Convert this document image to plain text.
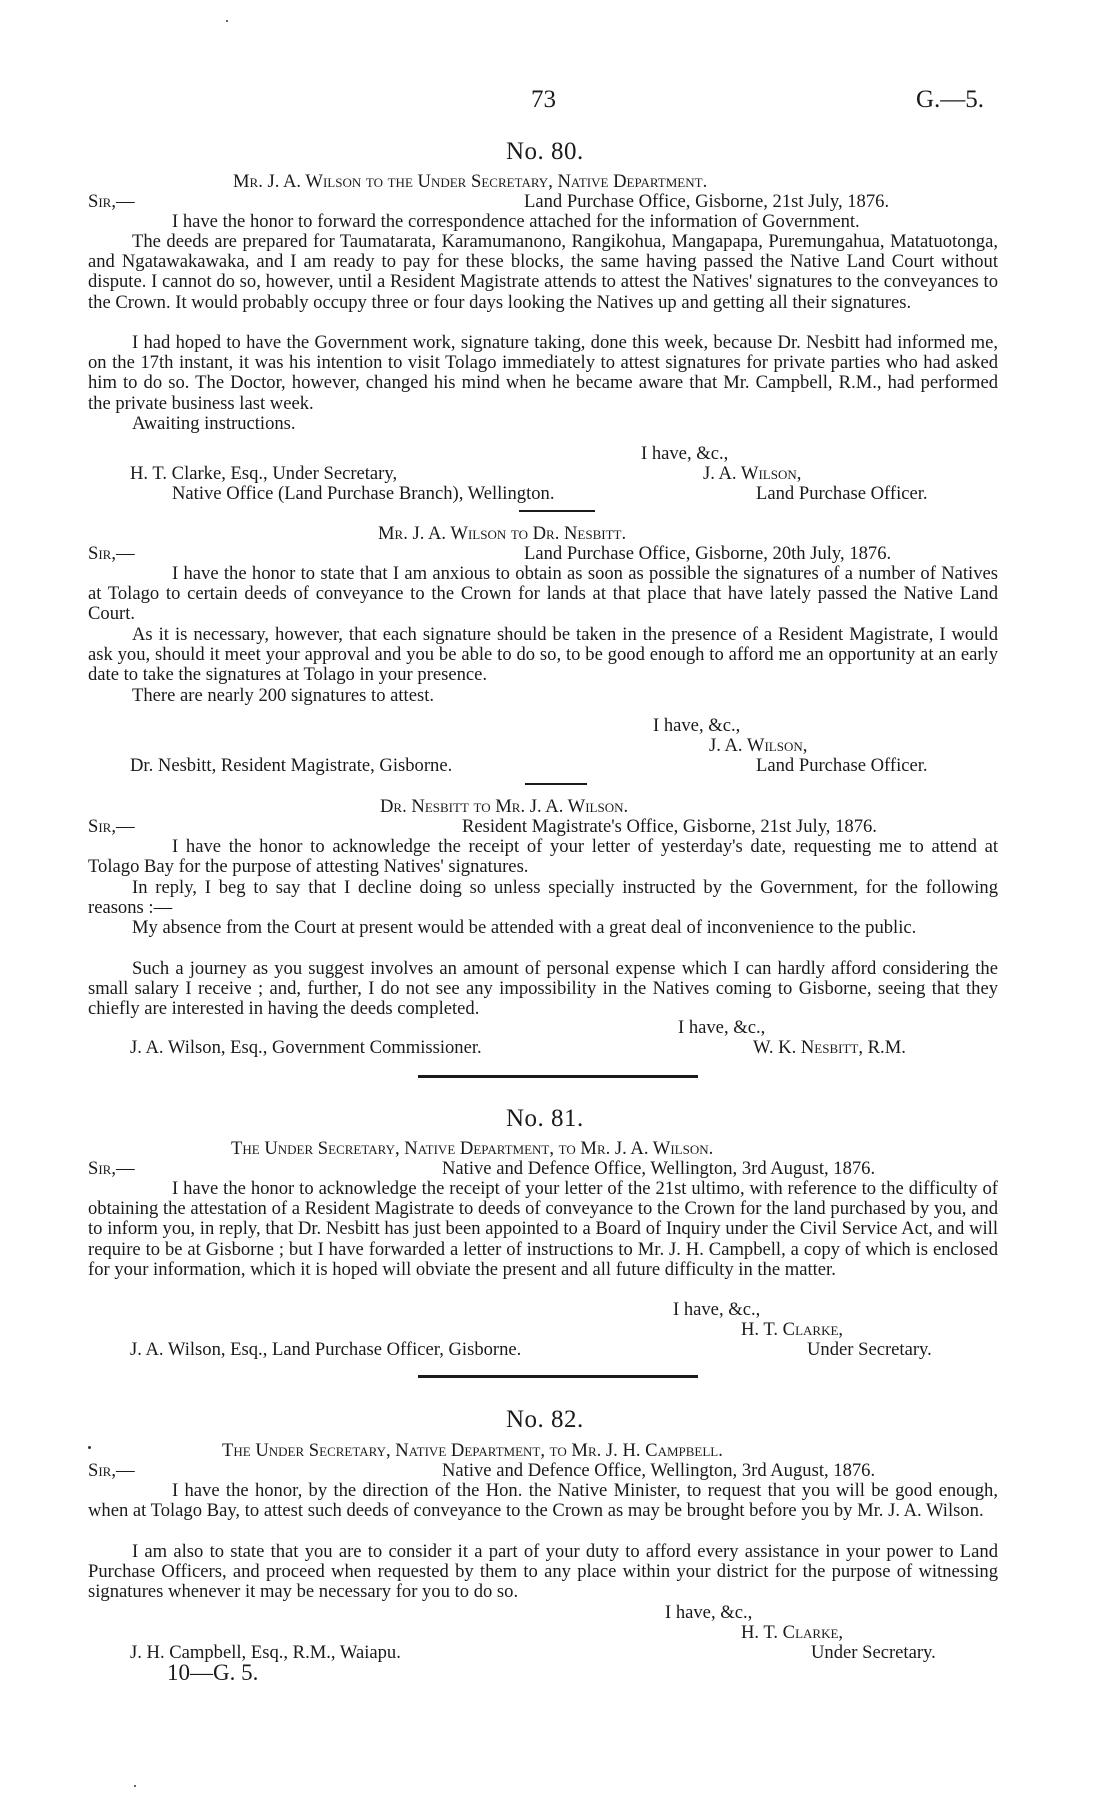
73	G.—5.
No. 80.
Mr. J. A. Wilson to the Under Secretary, Native Department.
Sir,—	Land Purchase Office, Gisborne, 21st July, 1876.

I have the honor to forward the correspondence attached for the information of Government.

The deeds are prepared for Taumatarata, Karamumanono, Rangikohua, Mangapapa, Puremungahua, Matatuotonga, and Ngatawakawaka, and I am ready to pay for these blocks, the same having passed the Native Land Court without dispute. I cannot do so, however, until a Resident Magistrate attends to attest the Natives' signatures to the conveyances to the Crown. It would probably occupy three or four days looking the Natives up and getting all their signatures.

I had hoped to have the Government work, signature taking, done this week, because Dr. Nesbitt had informed me, on the 17th instant, it was his intention to visit Tolago immediately to attest signatures for private parties who had asked him to do so. The Doctor, however, changed his mind when he became aware that Mr. Campbell, R.M., had performed the private business last week.

Awaiting instructions.

I have, &c.,
J. A. Wilson,
H. T. Clarke, Esq., Under Secretary,
Native Office (Land Purchase Branch), Wellington.	Land Purchase Officer.
Mr. J. A. Wilson to Dr. Nesbitt.
Sir,—	Land Purchase Office, Gisborne, 20th July, 1876.

I have the honor to state that I am anxious to obtain as soon as possible the signatures of a number of Natives at Tolago to certain deeds of conveyance to the Crown for lands at that place that have lately passed the Native Land Court.

As it is necessary, however, that each signature should be taken in the presence of a Resident Magistrate, I would ask you, should it meet your approval and you be able to do so, to be good enough to afford me an opportunity at an early date to take the signatures at Tolago in your presence.

There are nearly 200 signatures to attest.

I have, &c.,
J. A. Wilson,
Dr. Nesbitt, Resident Magistrate, Gisborne.	Land Purchase Officer.
Dr. Nesbitt to Mr. J. A. Wilson.
Sir,—	Resident Magistrate's Office, Gisborne, 21st July, 1876.

I have the honor to acknowledge the receipt of your letter of yesterday's date, requesting me to attend at Tolago Bay for the purpose of attesting Natives' signatures.

In reply, I beg to say that I decline doing so unless specially instructed by the Government, for the following reasons :—

My absence from the Court at present would be attended with a great deal of inconvenience to the public.

Such a journey as you suggest involves an amount of personal expense which I can hardly afford considering the small salary I receive ; and, further, I do not see any impossibility in the Natives coming to Gisborne, seeing that they chiefly are interested in having the deeds completed.

I have, &c.,
J. A. Wilson, Esq., Government Commissioner.	W. K. Nesbitt, R.M.
No. 81.
The Under Secretary, Native Department, to Mr. J. A. Wilson.
Sir,—	Native and Defence Office, Wellington, 3rd August, 1876.

I have the honor to acknowledge the receipt of your letter of the 21st ultimo, with reference to the difficulty of obtaining the attestation of a Resident Magistrate to deeds of conveyance to the Crown for the land purchased by you, and to inform you, in reply, that Dr. Nesbitt has just been appointed to a Board of Inquiry under the Civil Service Act, and will require to be at Gisborne ; but I have forwarded a letter of instructions to Mr. J. H. Campbell, a copy of which is enclosed for your information, which it is hoped will obviate the present and all future difficulty in the matter.

I have, &c.,
H. T. Clarke,
J. A. Wilson, Esq., Land Purchase Officer, Gisborne.	Under Secretary.
No. 82.
The Under Secretary, Native Department, to Mr. J. H. Campbell.
Sir,—	Native and Defence Office, Wellington, 3rd August, 1876.

I have the honor, by the direction of the Hon. the Native Minister, to request that you will be good enough, when at Tolago Bay, to attest such deeds of conveyance to the Crown as may be brought before you by Mr. J. A. Wilson.

I am also to state that you are to consider it a part of your duty to afford every assistance in your power to Land Purchase Officers, and proceed when requested by them to any place within your district for the purpose of witnessing signatures whenever it may be necessary for you to do so.

I have, &c.,
H. T. Clarke,
J. H. Campbell, Esq., R.M., Waiapu.	Under Secretary.
10—G. 5.
